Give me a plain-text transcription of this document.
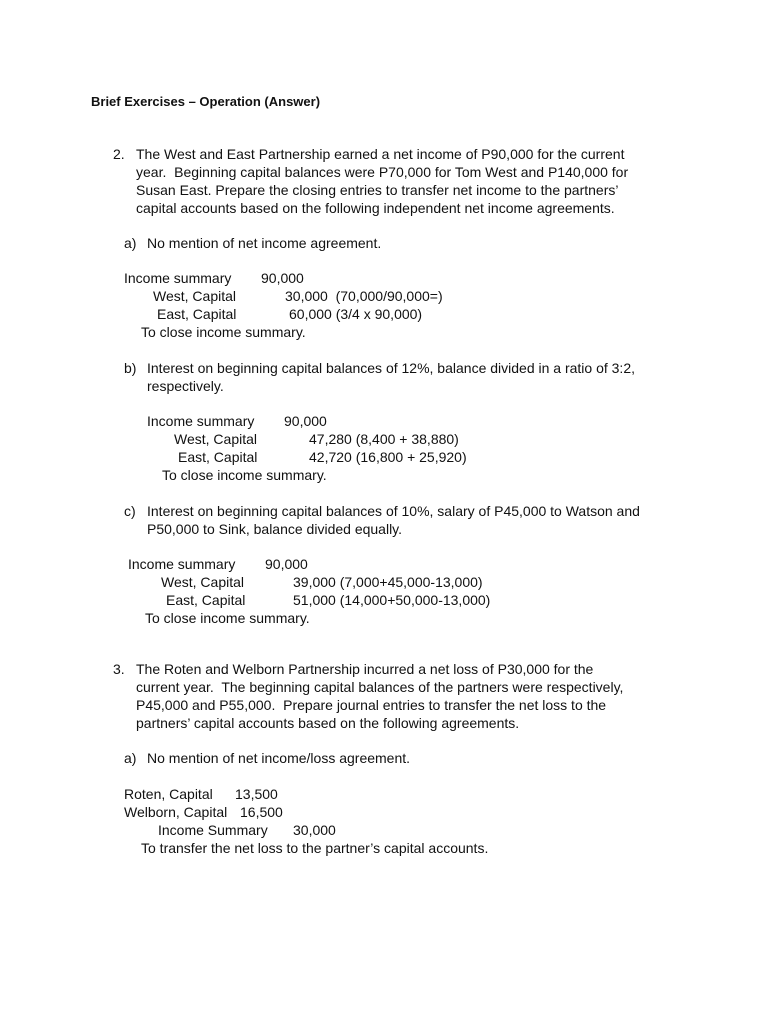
Brief Exercises – Operation (Answer)
2. The West and East Partnership earned a net income of P90,000 for the current
year.  Beginning capital balances were P70,000 for Tom West and P140,000 for
Susan East. Prepare the closing entries to transfer net income to the partners’
capital accounts based on the following independent net income agreements.
a) No mention of net income agreement.
Income summary 90,000
West, Capital	30,000  (70,000/90,000=)
East, Capital	60,000 (3/4 x 90,000)
To close income summary.
b) Interest on beginning capital balances of 12%, balance divided in a ratio of 3:2,
respectively.
Income summary 90,000
West, Capital	47,280 (8,400 + 38,880)
East, Capital	42,720 (16,800 + 25,920)
To close income summary.
c) Interest on beginning capital balances of 10%, salary of P45,000 to Watson and
P50,000 to Sink, balance divided equally.
Income summary 90,000
West, Capital	39,000 (7,000+45,000-13,000)
East, Capital	51,000 (14,000+50,000-13,000)
To close income summary.
3. The Roten and Welborn Partnership incurred a net loss of P30,000 for the
current year.  The beginning capital balances of the partners were respectively,
P45,000 and P55,000.  Prepare journal entries to transfer the net loss to the
partners’ capital accounts based on the following agreements.
a) No mention of net income/loss agreement.
Roten, Capital 13,500
Welborn, Capital 16,500
Income Summary 30,000
To transfer the net loss to the partner’s capital accounts.
